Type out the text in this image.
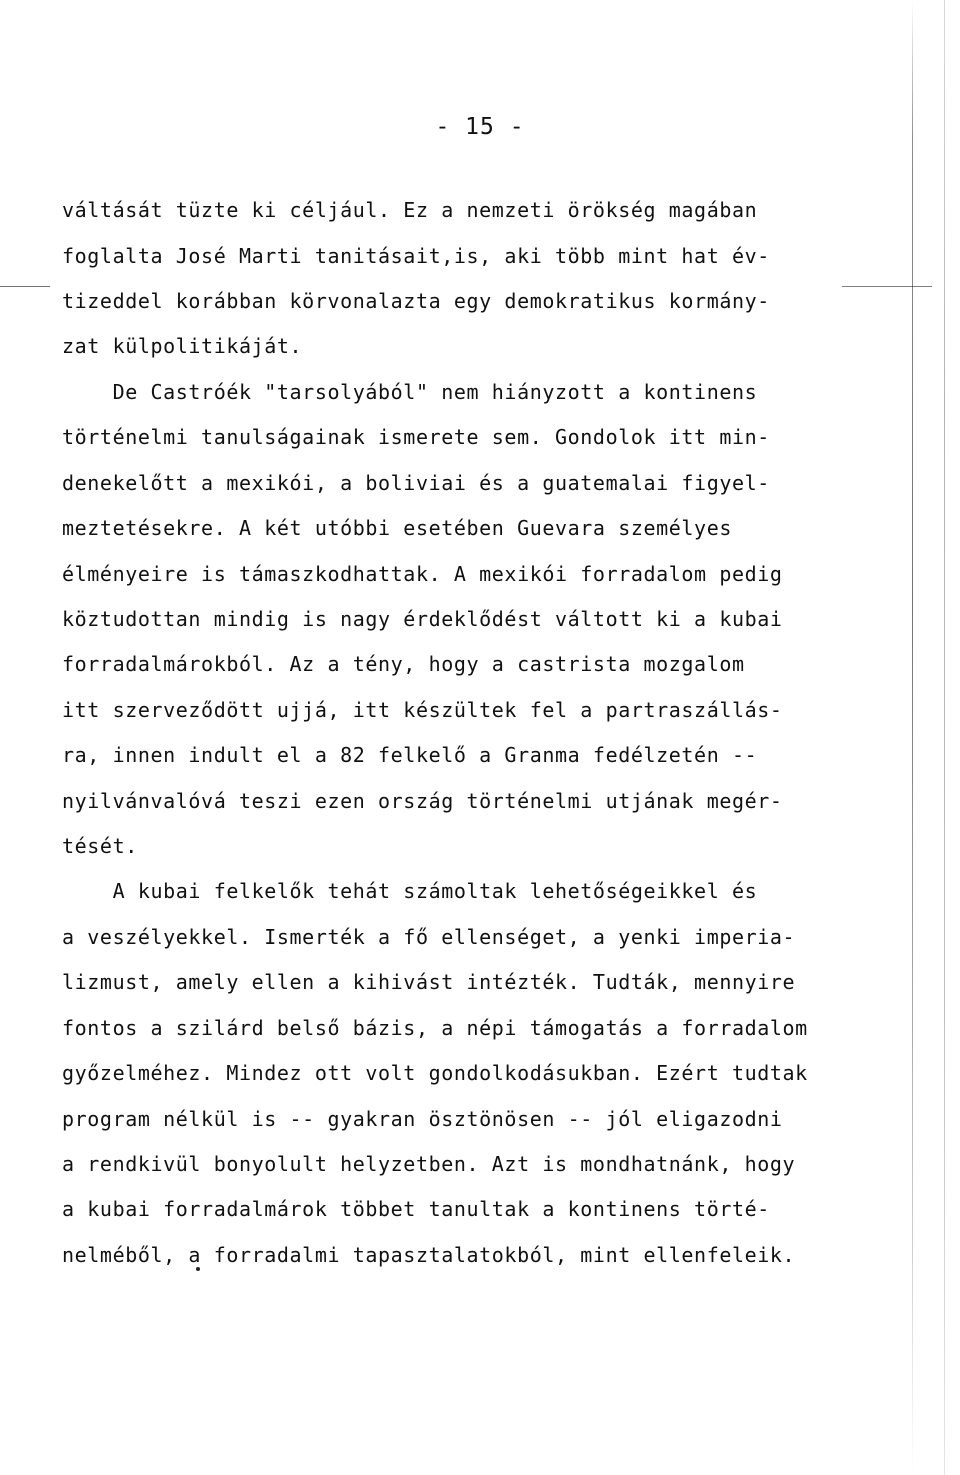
- 15 -
váltását tüzte ki céljául. Ez a nemzeti örökség magában
foglalta José Marti tanitásait,is, aki több mint hat év-
tizeddel korábban körvonalazta egy demokratikus kormány-
zat külpolitikáját.
De Castróék "tarsolyából" nem hiányzott a kontinens
történelmi tanulságainak ismerete sem. Gondolok itt min-
denekelőtt a mexikói, a boliviai és a guatemalai figyel-
meztetésekre. A két utóbbi esetében Guevara személyes
élményeire is támaszkodhattak. A mexikói forradalom pedig
köztudottan mindig is nagy érdeklődést váltott ki a kubai
forradalmárokból. Az a tény, hogy a castrista mozgalom
itt szerveződött ujjá, itt készültek fel a partraszállás-
ra, innen indult el a 82 felkelő a Granma fedélzetén --
nyilvánvalóvá teszi ezen ország történelmi utjának megér-
tését.
A kubai felkelők tehát számoltak lehetőségeikkel és
a veszélyekkel. Ismerték a fő ellenséget, a yenki imperia-
lizmust, amely ellen a kihivást intézték. Tudták, mennyire
fontos a szilárd belső bázis, a népi támogatás a forradalom
győzelméhez. Mindez ott volt gondolkodásukban. Ezért tudtak
program nélkül is -- gyakran ösztönösen -- jól eligazodni
a rendkivül bonyolult helyzetben. Azt is mondhatnánk, hogy
a kubai forradalmárok többet tanultak a kontinens törté-
nelméből, a forradalmi tapasztalatokból, mint ellenfeleik.
